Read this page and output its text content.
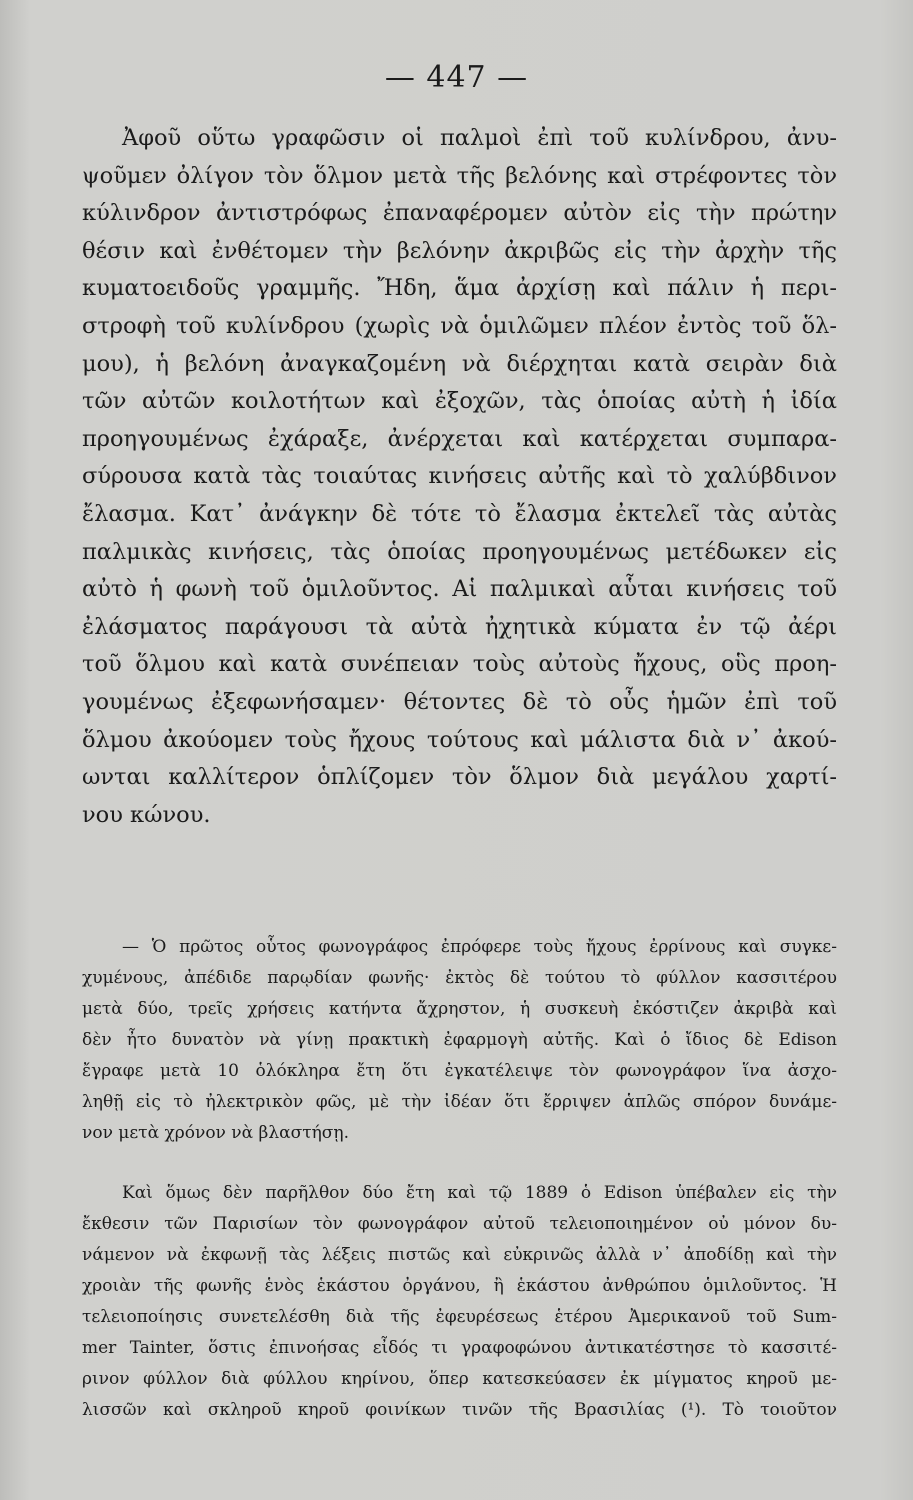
— 447 —
Ἀφοῦ οὕτω γραφῶσιν οἱ παλμοὶ ἐπὶ τοῦ κυλίνδρου, ἀνυ-
ψοῦμεν ὀλίγον τὸν ὅλμον μετὰ τῆς βελόνης καὶ στρέφοντες τὸν
κύλινδρον ἀντιστρόφως ἐπαναφέρομεν αὐτὸν εἰς τὴν πρώτην
θέσιν καὶ ἐνθέτομεν τὴν βελόνην ἀκριβῶς εἰς τὴν ἀρχὴν τῆς
κυματοειδοῦς γραμμῆς. Ἤδη, ἅμα ἀρχίσῃ καὶ πάλιν ἡ περι-
στροφὴ τοῦ κυλίνδρου (χωρὶς νὰ ὁμιλῶμεν πλέον ἐντὸς τοῦ ὅλ-
μου), ἡ βελόνη ἀναγκαζομένη νὰ διέρχηται κατὰ σειρὰν διὰ
τῶν αὐτῶν κοιλοτήτων καὶ ἐξοχῶν, τὰς ὁποίας αὐτὴ ἡ ἰδία
προηγουμένως ἐχάραξε, ἀνέρχεται καὶ κατέρχεται συμπαρα-
σύρουσα κατὰ τὰς τοιαύτας κινήσεις αὐτῆς καὶ τὸ χαλύβδινον
ἔλασμα. Κατ᾽ ἀνάγκην δὲ τότε τὸ ἔλασμα ἐκτελεῖ τὰς αὐτὰς
παλμικὰς κινήσεις, τὰς ὁποίας προηγουμένως μετέδωκεν εἰς
αὐτὸ ἡ φωνὴ τοῦ ὁμιλοῦντος. Αἱ παλμικαὶ αὗται κινήσεις τοῦ
ἐλάσματος παράγουσι τὰ αὐτὰ ἠχητικὰ κύματα ἐν τῷ ἀέρι
τοῦ ὅλμου καὶ κατὰ συνέπειαν τοὺς αὐτοὺς ἤχους, οὓς προη-
γουμένως ἐξεφωνήσαμεν· θέτοντες δὲ τὸ οὖς ἡμῶν ἐπὶ τοῦ
ὅλμου ἀκούομεν τοὺς ἤχους τούτους καὶ μάλιστα διὰ ν᾽ ἀκού-
ωνται καλλίτερον ὁπλίζομεν τὸν ὅλμον διὰ μεγάλου χαρτί-
νου κώνου.
— Ὁ πρῶτος οὗτος φωνογράφος ἐπρόφερε τοὺς ἤχους ἐρρίνους καὶ συγκε-
χυμένους, ἀπέδιδε παρῳδίαν φωνῆς· ἐκτὸς δὲ τούτου τὸ φύλλον κασσιτέρου
μετὰ δύο, τρεῖς χρήσεις κατήντα ἄχρηστον, ἡ συσκευὴ ἐκόστιζεν ἀκριβὰ καὶ
δὲν ἦτο δυνατὸν νὰ γίνῃ πρακτικὴ ἐφαρμογὴ αὐτῆς. Καὶ ὁ ἴδιος δὲ Edison
ἔγραφε μετὰ 10 ὁλόκληρα ἔτη ὅτι ἐγκατέλειψε τὸν φωνογράφον ἵνα ἀσχο-
ληθῇ εἰς τὸ ἠλεκτρικὸν φῶς, μὲ τὴν ἰδέαν ὅτι ἔρριψεν ἁπλῶς σπόρον δυνάμε-
νον μετὰ χρόνον νὰ βλαστήσῃ.
Καὶ ὅμως δὲν παρῆλθον δύο ἔτη καὶ τῷ 1889 ὁ Edison ὑπέβαλεν εἰς τὴν
ἔκθεσιν τῶν Παρισίων τὸν φωνογράφον αὐτοῦ τελειοποιημένον οὐ μόνον δυ-
νάμενον νὰ ἐκφωνῇ τὰς λέξεις πιστῶς καὶ εὐκρινῶς ἀλλὰ ν᾽ ἀποδίδῃ καὶ τὴν
χροιὰν τῆς φωνῆς ἑνὸς ἑκάστου ὀργάνου, ἢ ἑκάστου ἀνθρώπου ὁμιλοῦντος. Ἡ
τελειοποίησις συνετελέσθη διὰ τῆς ἐφευρέσεως ἑτέρου Ἀμερικανοῦ τοῦ Sum-
mer Tainter, ὅστις ἐπινοήσας εἶδός τι γραφοφώνου ἀντικατέστησε τὸ κασσιτέ-
ρινον φύλλον διὰ φύλλου κηρίνου, ὅπερ κατεσκεύασεν ἐκ μίγματος κηροῦ με-
λισσῶν καὶ σκληροῦ κηροῦ φοινίκων τινῶν τῆς Βρασιλίας (¹). Τὸ τοιοῦτον
